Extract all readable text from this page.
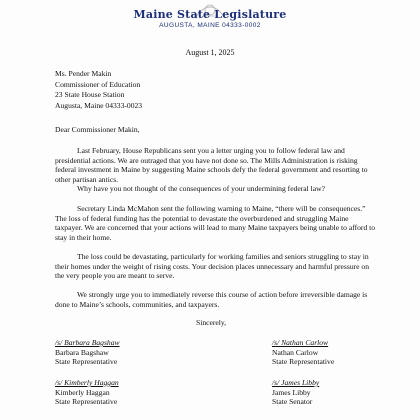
Maine State Legislature
AUGUSTA, MAINE 04333-0002
August 1, 2025
Ms. Pender Makin
Commissioner of Education
23 State House Station
Augusta, Maine 04333-0023
Dear Commissioner Makin,

Last February, House Republicans sent you a letter urging you to follow federal law and presidential actions. We are outraged that you have not done so. The Mills Administration is risking federal investment in Maine by suggesting Maine schools defy the federal government and resorting to other partisan antics.

Why have you not thought of the consequences of your undermining federal law?

Secretary Linda McMahon sent the following warning to Maine, “there will be consequences.” The loss of federal funding has the potential to devastate the overburdened and struggling Maine taxpayer. We are concerned that your actions will lead to many Maine taxpayers being unable to afford to stay in their home.

The loss could be devastating, particularly for working families and seniors struggling to stay in their homes under the weight of rising costs. Your decision places unnecessary and harmful pressure on the very people you are meant to serve.

We strongly urge you to immediately reverse this course of action before irreversible damage is done to Maine’s schools, communities, and taxpayers.

Sincerely,
/s/ Barbara Bagshaw
Barbara Bagshaw
State Representative
/s/ Nathan Carlow
Nathan Carlow
State Representative
/s/ Kimberly Haggan
Kimberly Haggan
State Representative
/s/ James Libby
James Libby
State Senator
